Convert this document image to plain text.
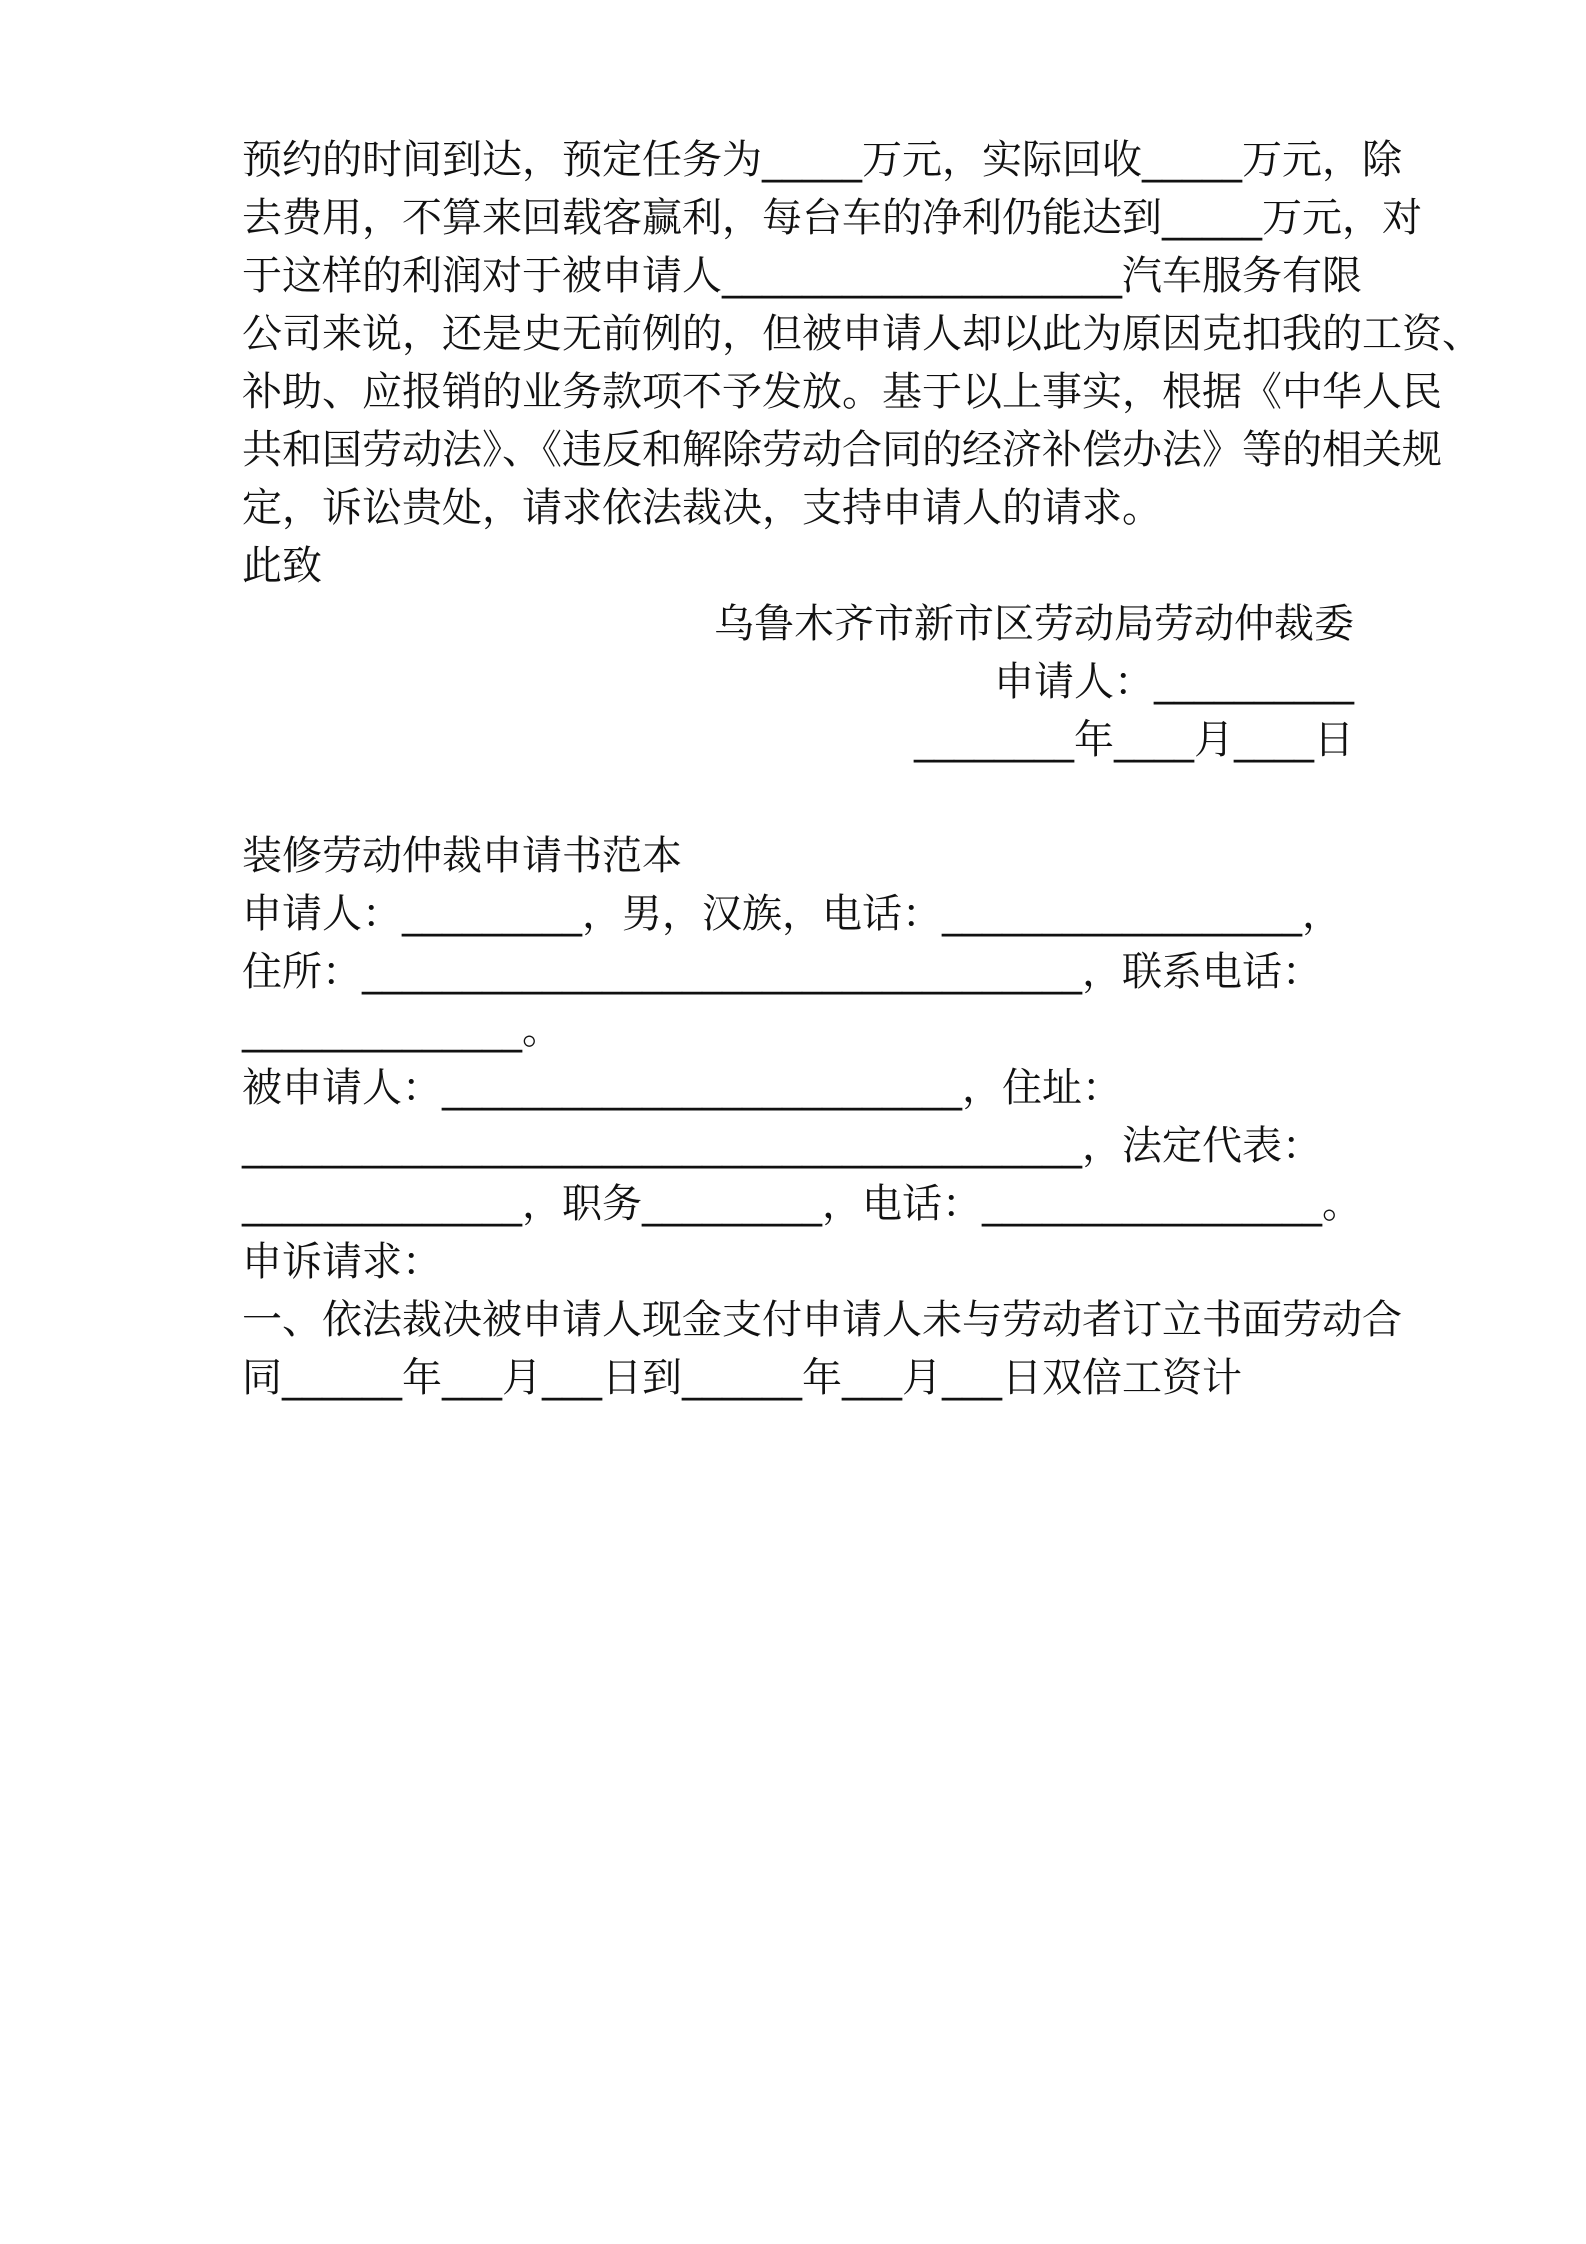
预约的时间到达，预定任务为_____万元，实际回收_____万元，除
去费用，不算来回载客赢利，每台车的净利仍能达到_____万元，对
于这样的利润对于被申请人____________________汽车服务有限
公司来说，还是史无前例的，但被申请人却以此为原因克扣我的工资、
补助、应报销的业务款项不予发放。基于以上事实，根据《中华人民
共和国劳动法》、《违反和解除劳动合同的经济补偿办法》等的相关规
定，诉讼贵处，请求依法裁决，支持申请人的请求。
此致
乌鲁木齐市新市区劳动局劳动仲裁委
申请人：__________
________年____月____日
装修劳动仲裁申请书范本
申请人：_________，男，汉族，电话：__________________，
住所：____________________________________，联系电话：
______________。
被申请人：__________________________，住址：
__________________________________________，法定代表：
______________，职务_________，电话：_________________。
申诉请求：
一、依法裁决被申请人现金支付申请人未与劳动者订立书面劳动合
同______年___月___日到______年___月___日双倍工资计
